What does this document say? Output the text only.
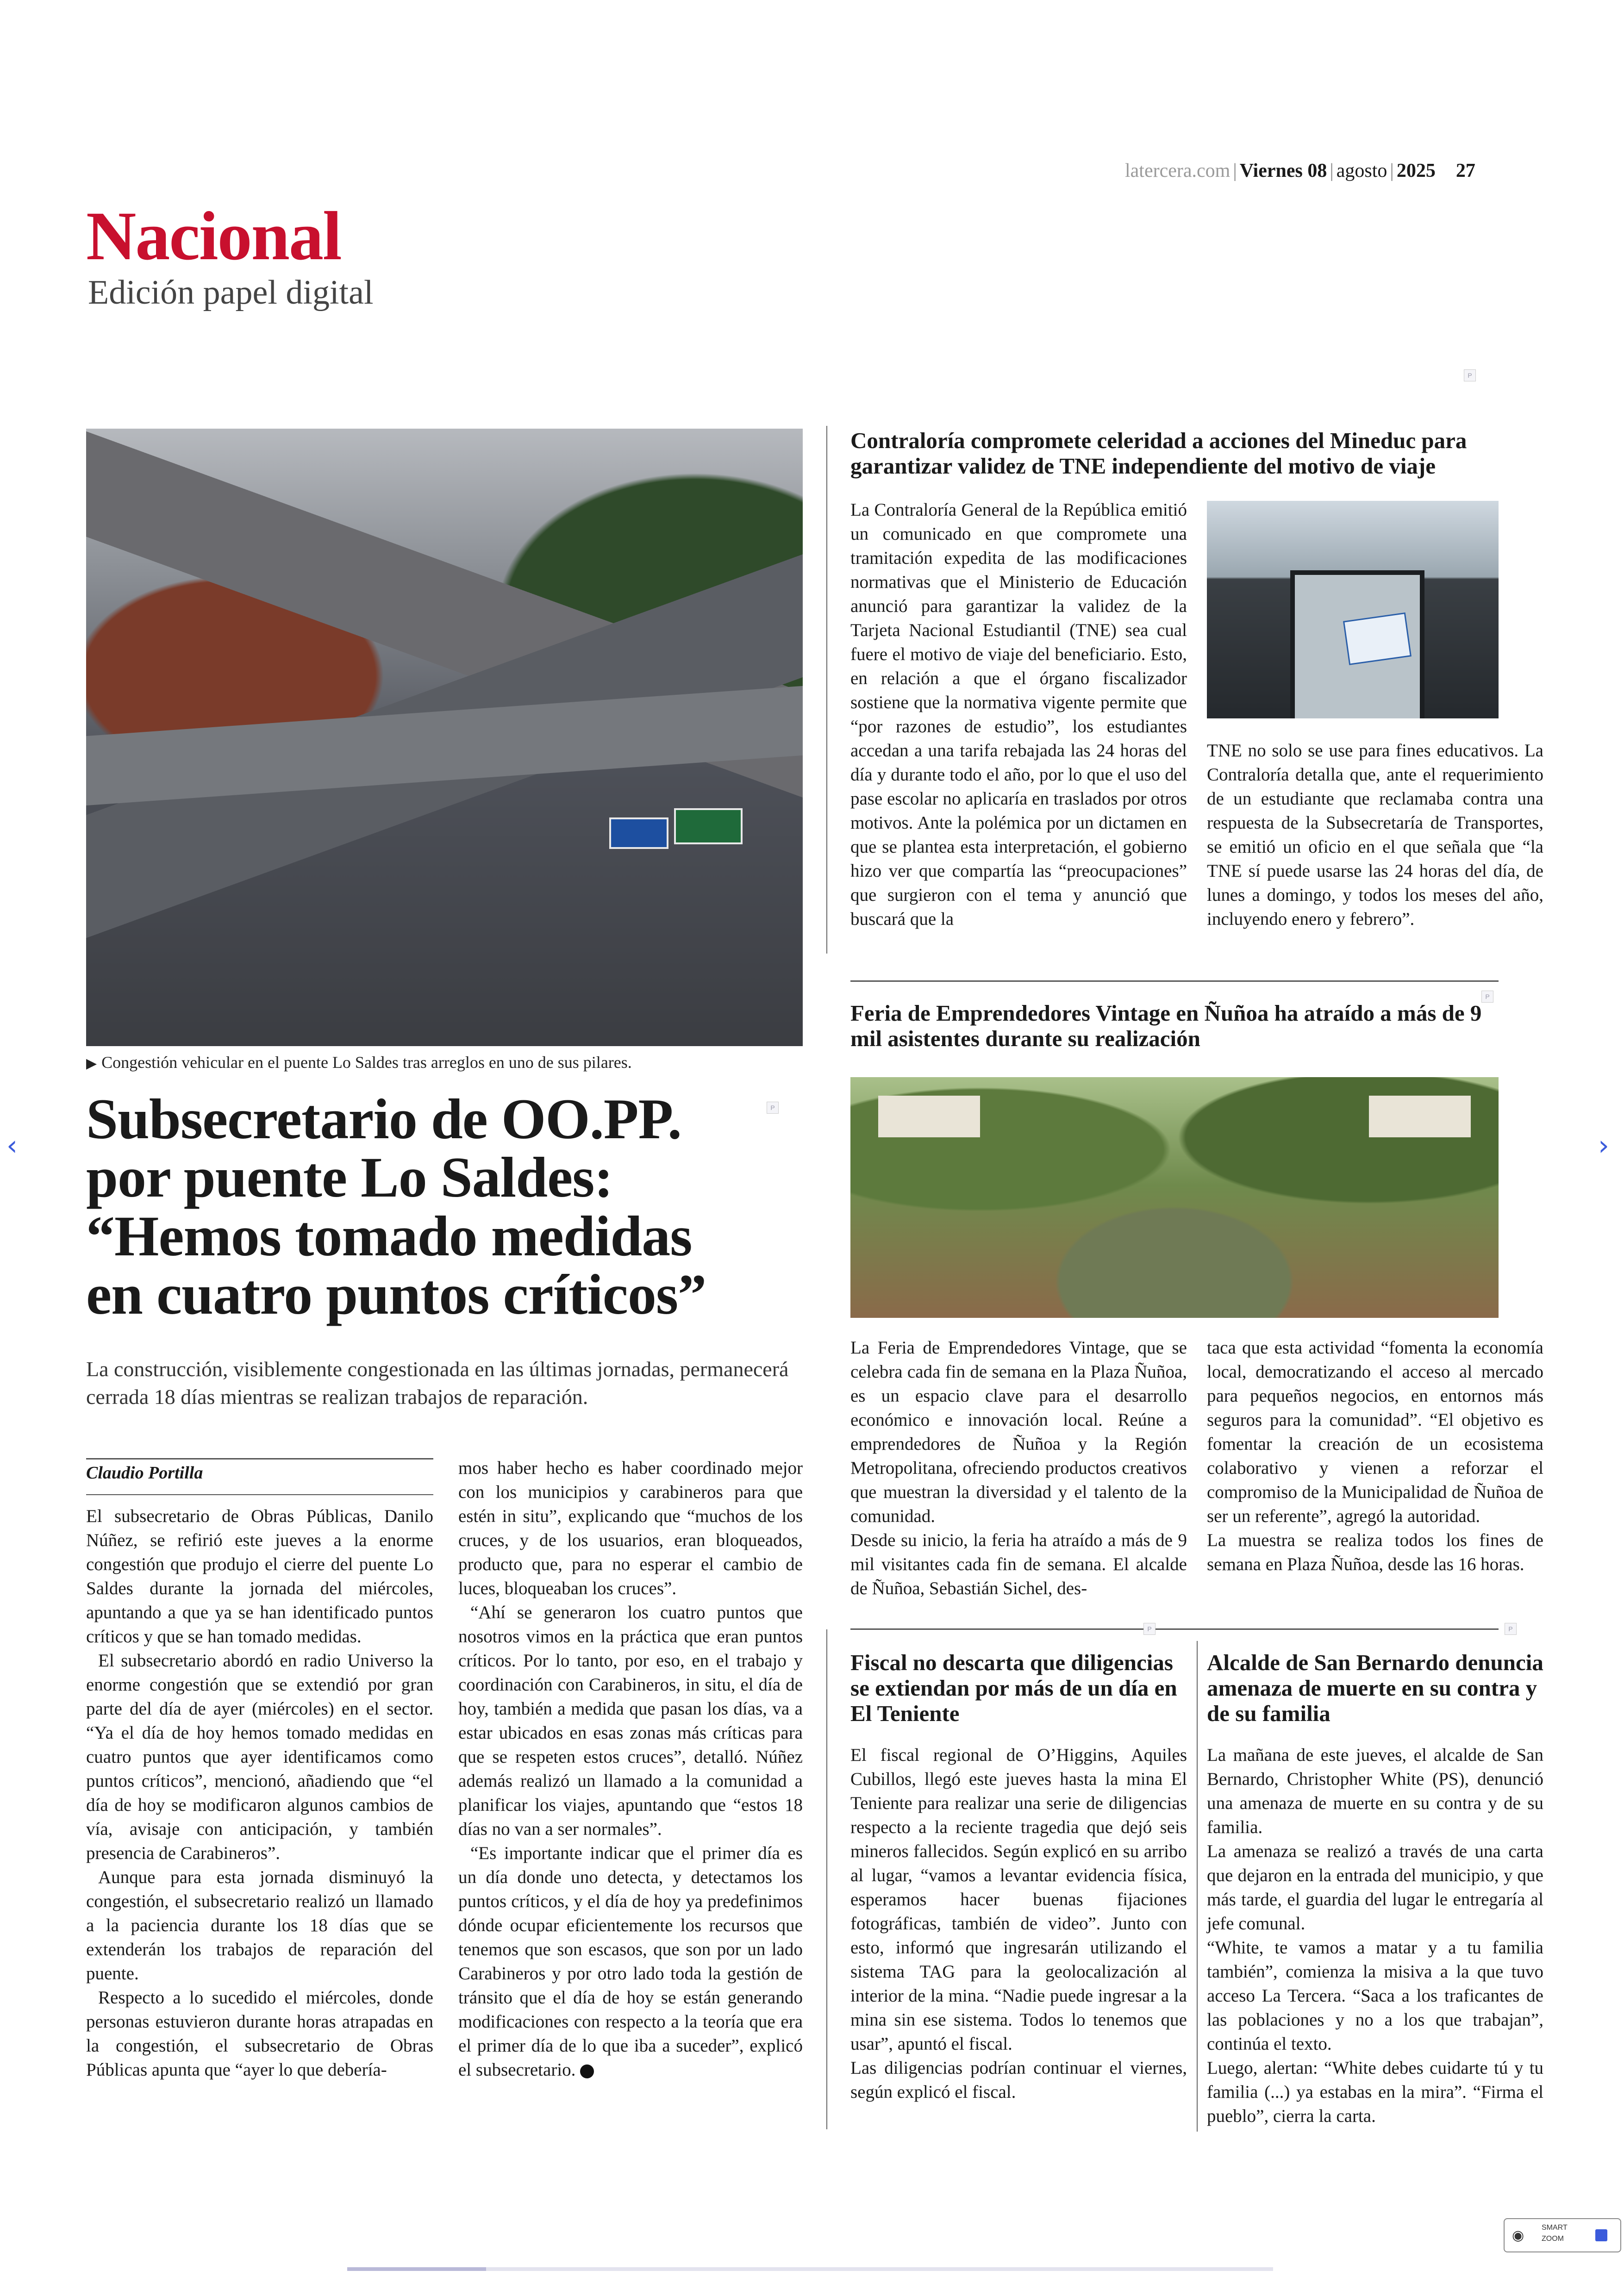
latercera.com | Viernes 08 | agosto | 2025 27
Nacional
Edición papel digital
▶ Congestión vehicular en el puente Lo Saldes tras arreglos en uno de sus pilares.
Subsecretario de OO.PP.
por puente Lo Saldes:
“Hemos tomado medidas
en cuatro puntos críticos”
P
La construcción, visiblemente congestionada en las últimas jornadas, permanecerá cerrada 18 días mientras se realizan trabajos de reparación.
Claudio Portilla

El subsecretario de Obras Públicas, Danilo Núñez, se refirió este jueves a la enorme congestión que produjo el cierre del puente Lo Saldes durante la jornada del miércoles, apuntando a que ya se han identificado puntos críticos y que se han tomado medidas.

El subsecretario abordó en radio Universo la enorme congestión que se extendió por gran parte del día de ayer (miércoles) en el sector. “Ya el día de hoy hemos tomado medidas en cuatro puntos que ayer identificamos como puntos críticos”, mencionó, añadiendo que “el día de hoy se modificaron algunos cambios de vía, avisaje con anticipación, y también presencia de Carabineros”.

Aunque para esta jornada disminuyó la congestión, el subsecretario realizó un llamado a la paciencia durante los 18 días que se extenderán los trabajos de reparación del puente.

Respecto a lo sucedido el miércoles, donde personas estuvieron durante horas atrapadas en la congestión, el subsecretario de Obras Públicas apunta que “ayer lo que debería-

mos haber hecho es haber coordinado mejor con los municipios y carabineros para que estén in situ”, explicando que “muchos de los cruces, y de los usuarios, eran bloqueados, producto que, para no esperar el cambio de luces, bloqueaban los cruces”.

“Ahí se generaron los cuatro puntos que nosotros vimos en la práctica que eran puntos críticos. Por lo tanto, por eso, en el trabajo y coordinación con Carabineros, in situ, el día de hoy, también a medida que pasan los días, va a estar ubicados en esas zonas más críticas para que se respeten estos cruces”, detalló. Núñez además realizó un llamado a la comunidad a planificar los viajes, apuntando que “estos 18 días no van a ser normales”.

“Es importante indicar que el primer día es un día donde uno detecta, y detectamos los puntos críticos, y el día de hoy ya predefinimos dónde ocupar eficientemente los recursos que tenemos que son escasos, que son por un lado Carabineros y por otro lado toda la gestión de tránsito que el día de hoy se están generando modificaciones con respecto a la teoría que era el primer día de lo que iba a suceder”, explicó el subsecretario.

P
Contraloría compromete celeridad a acciones del Mineduc para garantizar validez de TNE independiente del motivo de viaje

La Contraloría General de la República emitió un comunicado en que compromete una tramitación expedita de las modificaciones normativas que el Ministerio de Educación anunció para garantizar la validez de la Tarjeta Nacional Estudiantil (TNE) sea cual fuere el motivo de viaje del beneficiario. Esto, en relación a que el órgano fiscalizador sostiene que la normativa vigente permite que “por razones de estudio”, los estudiantes accedan a una tarifa rebajada las 24 horas del día y durante todo el año, por lo que el uso del pase escolar no aplicaría en traslados por otros motivos. Ante la polémica por un dictamen en que se plantea esta interpretación, el gobierno hizo ver que compartía las “preocupaciones” que surgieron con el tema y anunció que buscará que la

TNE no solo se use para fines educativos. La Contraloría detalla que, ante el requerimiento de un estudiante que reclamaba contra una respuesta de la Subsecretaría de Transportes, se emitió un oficio en el que señala que “la TNE sí puede usarse las 24 horas del día, de lunes a domingo, y todos los meses del año, incluyendo enero y febrero”.

P
Feria de Emprendedores Vintage en Ñuñoa ha atraído a más de 9 mil asistentes durante su realización

La Feria de Emprendedores Vintage, que se celebra cada fin de semana en la Plaza Ñuñoa, es un espacio clave para el desarrollo económico e innovación local. Reúne a emprendedores de Ñuñoa y la Región Metropolitana, ofreciendo productos creativos que muestran la diversidad y el talento de la comunidad.

Desde su inicio, la feria ha atraído a más de 9 mil visitantes cada fin de semana. El alcalde de Ñuñoa, Sebastián Sichel, des-

taca que esta actividad “fomenta la economía local, democratizando el acceso al mercado para pequeños negocios, en entornos más seguros para la comunidad”. “El objetivo es fomentar la creación de un ecosistema colaborativo y vienen a reforzar el compromiso de la Municipalidad de Ñuñoa de ser un referente”, agregó la autoridad.

La muestra se realiza todos los fines de semana en Plaza Ñuñoa, desde las 16 horas.

P	P
Fiscal no descarta que diligencias se extiendan por más de un día en El Teniente

El fiscal regional de O’Higgins, Aquiles Cubillos, llegó este jueves hasta la mina El Teniente para realizar una serie de diligencias respecto a la reciente tragedia que dejó seis mineros fallecidos. Según explicó en su arribo al lugar, “vamos a levantar evidencia física, esperamos hacer buenas fijaciones fotográficas, también de video”. Junto con esto, informó que ingresarán utilizando el sistema TAG para la geolocalización al interior de la mina. “Nadie puede ingresar a la mina sin ese sistema. Todos lo tenemos que usar”, apuntó el fiscal.

Las diligencias podrían continuar el viernes, según explicó el fiscal.

Alcalde de San Bernardo denuncia amenaza de muerte en su contra y de su familia

La mañana de este jueves, el alcalde de San Bernardo, Christopher White (PS), denunció una amenaza de muerte en su contra y de su familia.

La amenaza se realizó a través de una carta que dejaron en la entrada del municipio, y que más tarde, el guardia del lugar le entregaría al jefe comunal.

“White, te vamos a matar y a tu familia también”, comienza la misiva a la que tuvo acceso La Tercera. “Saca a los traficantes de las poblaciones y no a los que trabajan”, continúa el texto.

Luego, alertan: “White debes cuidarte tú y tu familia (...) ya estabas en la mira”. “Firma el pueblo”, cierra la carta.

‹	›
◉
SMART
ZOOM
